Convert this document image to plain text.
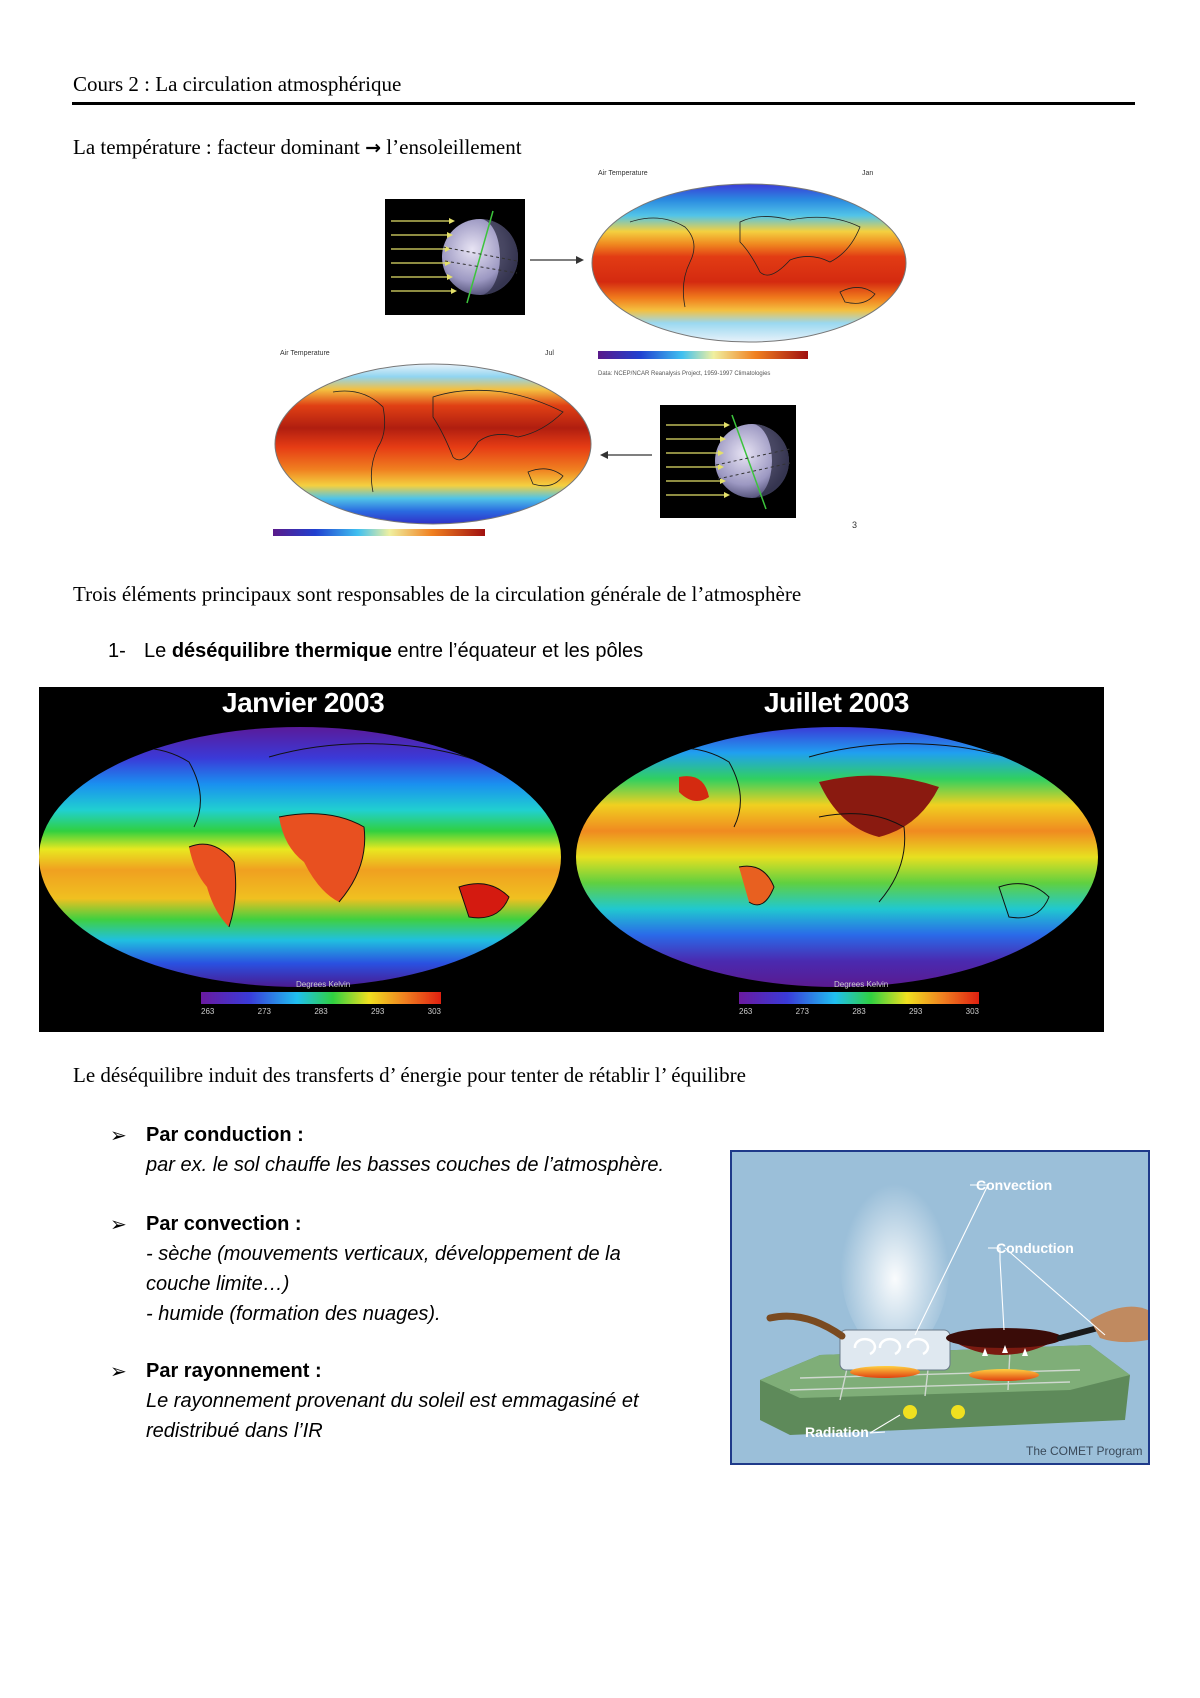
Cours 2 : La circulation atmosphérique
La température : facteur dominant → l’ensoleillement
Air Temperature	Jan
Data: NCEP/NCAR Reanalysis Project, 1959-1997 Climatologies
Air Temperature	Jul
3
Trois éléments principaux sont responsables de la circulation générale de l’atmosphère
1- Le déséquilibre thermique entre l’équateur et les pôles
Janvier 2003	Juillet 2003
Degrees Kelvin	Degrees Kelvin
263	273	283	293	303	263	273	283	293	303
Le déséquilibre induit des transferts d’ énergie pour tenter de rétablir l’ équilibre
➢ Par conduction :
par ex. le sol chauffe les basses couches de l’atmosphère.
➢ Par convection :
- sèche (mouvements verticaux, développement de la
couche limite…)
- humide (formation des nuages).
➢ Par rayonnement :
Le rayonnement provenant du soleil est emmagasiné et
redistribué dans l’IR
Convection
Conduction
Radiation
The COMET Program
